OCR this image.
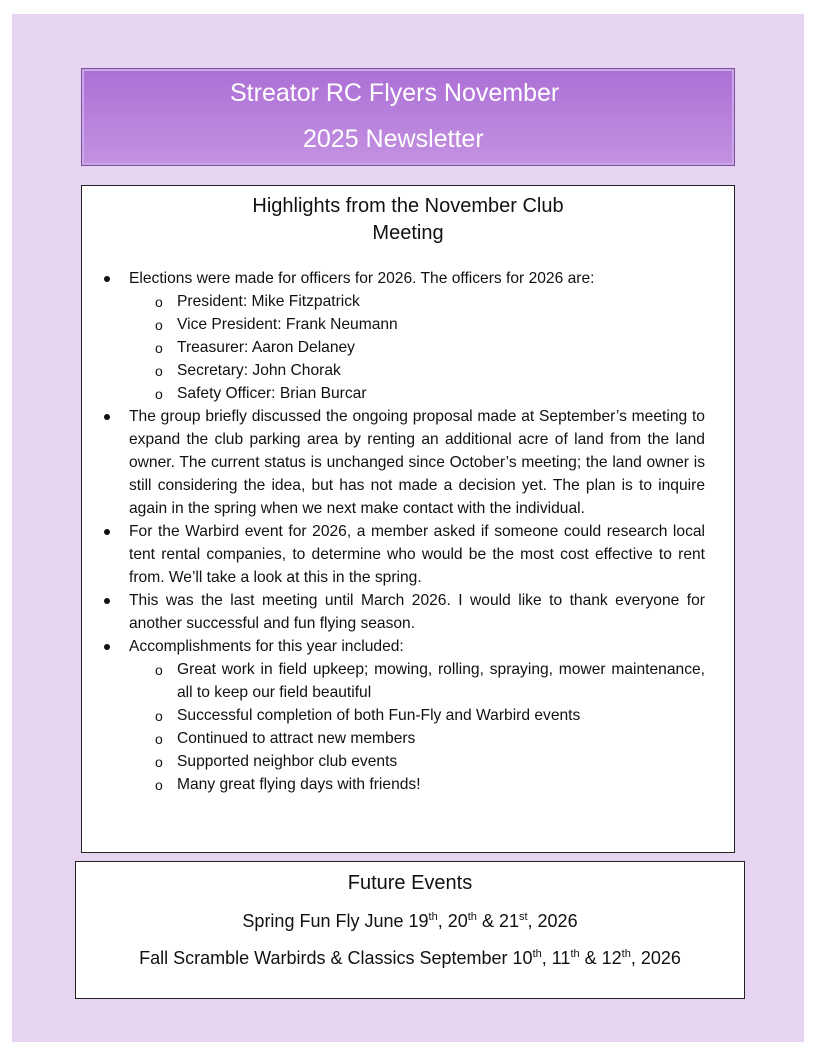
Streator RC Flyers November
2025 Newsletter
Highlights from the November Club
Meeting
Elections were made for officers for 2026. The officers for 2026 are:
o President: Mike Fitzpatrick
o Vice President: Frank Neumann
o Treasurer: Aaron Delaney
o Secretary: John Chorak
o Safety Officer: Brian Burcar
The group briefly discussed the ongoing proposal made at September’s meeting to expand the club parking area by renting an additional acre of land from the land owner. The current status is unchanged since October’s meeting; the land owner is still considering the idea, but has not made a decision yet. The plan is to inquire again in the spring when we next make contact with the individual.
For the Warbird event for 2026, a member asked if someone could research local tent rental companies, to determine who would be the most cost effective to rent from. We’ll take a look at this in the spring.
This was the last meeting until March 2026. I would like to thank everyone for another successful and fun flying season.
Accomplishments for this year included:
o Great work in field upkeep; mowing, rolling, spraying, mower maintenance, all to keep our field beautiful
o Successful completion of both Fun-Fly and Warbird events
o Continued to attract new members
o Supported neighbor club events
o Many great flying days with friends!
Future Events
Spring Fun Fly June 19th, 20th & 21st, 2026
Fall Scramble Warbirds & Classics September 10th, 11th & 12th, 2026
